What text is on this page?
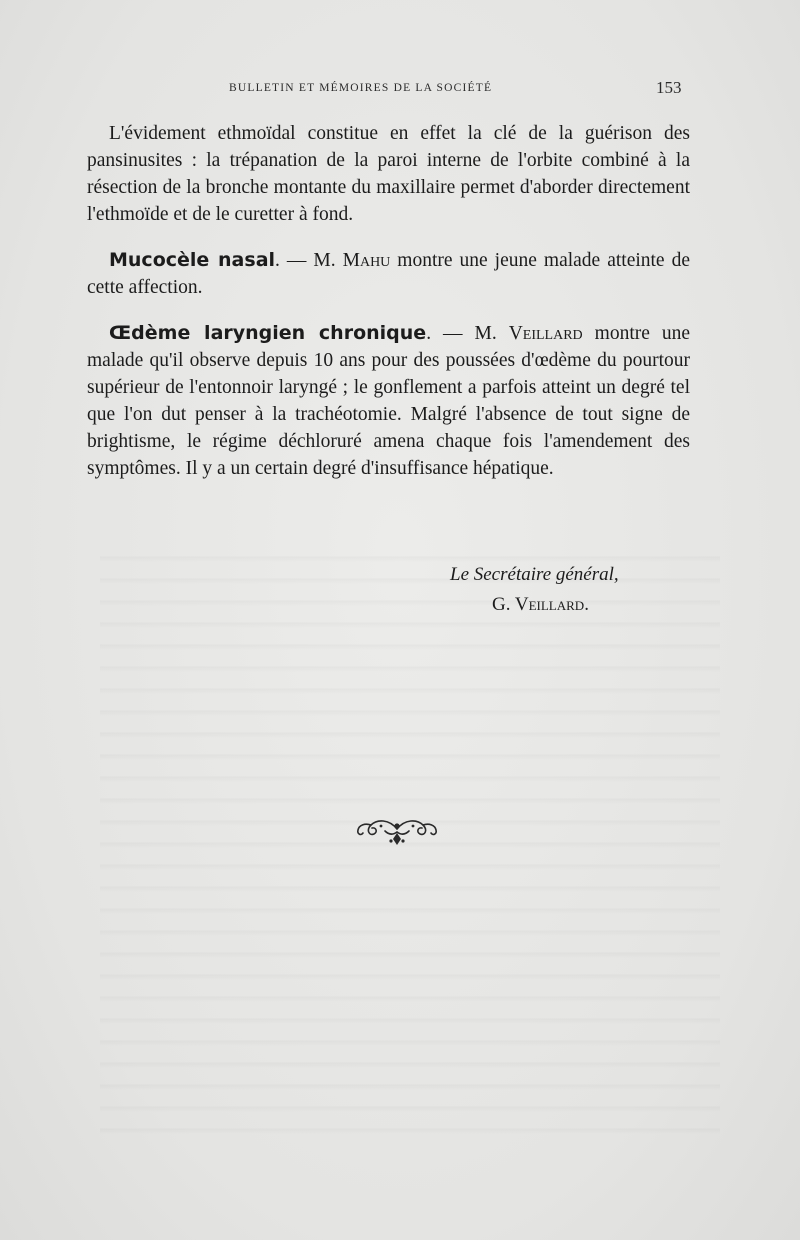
BULLETIN ET MÉMOIRES DE LA SOCIÉTÉ	153

L'évidement ethmoïdal constitue en effet la clé de la guérison des pansinusites : la trépanation de la paroi interne de l'orbite combiné à la résection de la bronche montante du maxillaire permet d'aborder directement l'ethmoïde et de le curetter à fond.

Mucocèle nasal. — M. Mahu montre une jeune malade atteinte de cette affection.

Œdème laryngien chronique. — M. Veillard montre une malade qu'il observe depuis 10 ans pour des poussées d'œdème du pourtour supérieur de l'entonnoir laryngé ; le gonflement a parfois atteint un degré tel que l'on dut penser à la trachéotomie. Malgré l'absence de tout signe de brightisme, le régime déchloruré amena chaque fois l'amendement des symptômes. Il y a un certain degré d'insuffisance hépatique.

Le Secrétaire général,

G. Veillard.
